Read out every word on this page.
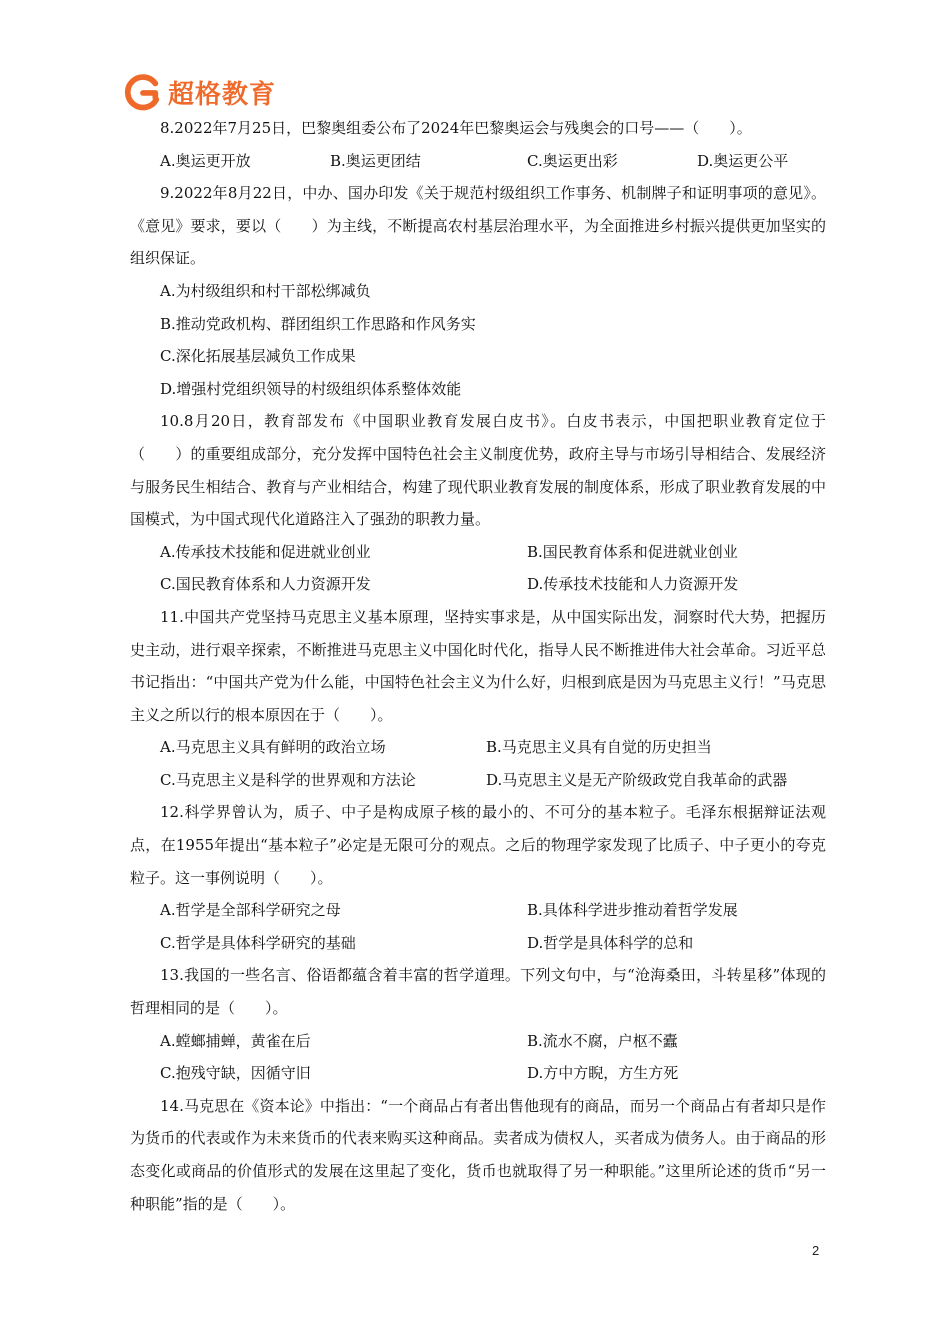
超格教育

8.2022年7月25日，巴黎奥组委公布了2024年巴黎奥运会与残奥会的口号——（　　）。

A.奥运更开放	B.奥运更团结	C.奥运更出彩	D.奥运更公平

9.2022年8月22日，中办、国办印发《关于规范村级组织工作事务、机制牌子和证明事项的意见》。《意见》要求，要以（　　）为主线，不断提高农村基层治理水平，为全面推进乡村振兴提供更加坚实的组织保证。

A.为村级组织和村干部松绑减负
B.推动党政机构、群团组织工作思路和作风务实
C.深化拓展基层减负工作成果
D.增强村党组织领导的村级组织体系整体效能

10.8月20日，教育部发布《中国职业教育发展白皮书》。白皮书表示，中国把职业教育定位于（　　）的重要组成部分，充分发挥中国特色社会主义制度优势，政府主导与市场引导相结合、发展经济与服务民生相结合、教育与产业相结合，构建了现代职业教育发展的制度体系，形成了职业教育发展的中国模式，为中国式现代化道路注入了强劲的职教力量。

A.传承技术技能和促进就业创业	B.国民教育体系和促进就业创业
C.国民教育体系和人力资源开发	D.传承技术技能和人力资源开发

11.中国共产党坚持马克思主义基本原理，坚持实事求是，从中国实际出发，洞察时代大势，把握历史主动，进行艰辛探索，不断推进马克思主义中国化时代化，指导人民不断推进伟大社会革命。习近平总书记指出：“中国共产党为什么能，中国特色社会主义为什么好，归根到底是因为马克思主义行！”马克思主义之所以行的根本原因在于（　　）。

A.马克思主义具有鲜明的政治立场	B.马克思主义具有自觉的历史担当
C.马克思主义是科学的世界观和方法论	D.马克思主义是无产阶级政党自我革命的武器

12.科学界曾认为，质子、中子是构成原子核的最小的、不可分的基本粒子。毛泽东根据辩证法观点，在1955年提出“基本粒子”必定是无限可分的观点。之后的物理学家发现了比质子、中子更小的夸克粒子。这一事例说明（　　）。

A.哲学是全部科学研究之母	B.具体科学进步推动着哲学发展
C.哲学是具体科学研究的基础	D.哲学是具体科学的总和

13.我国的一些名言、俗语都蕴含着丰富的哲学道理。下列文句中，与“沧海桑田，斗转星移”体现的哲理相同的是（　　）。

A.螳螂捕蝉，黄雀在后	B.流水不腐，户枢不蠹
C.抱残守缺，因循守旧	D.方中方睨，方生方死

14.马克思在《资本论》中指出：“一个商品占有者出售他现有的商品，而另一个商品占有者却只是作为货币的代表或作为未来货币的代表来购买这种商品。卖者成为债权人，买者成为债务人。由于商品的形态变化或商品的价值形式的发展在这里起了变化，货币也就取得了另一种职能。”这里所论述的货币“另一种职能”指的是（　　）。

2
